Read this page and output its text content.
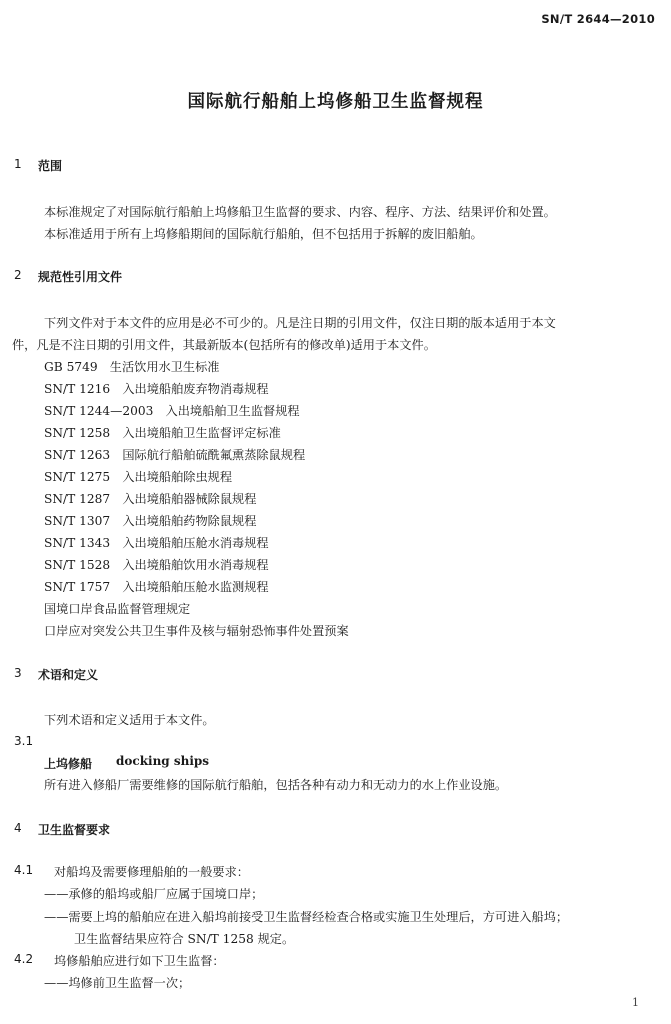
SN/T 2644—2010
国际航行船舶上坞修船卫生监督规程
1 范围
本标准规定了对国际航行船舶上坞修船卫生监督的要求、内容、程序、方法、结果评价和处置。
本标准适用于所有上坞修船期间的国际航行船舶，但不包括用于拆解的废旧船舶。
2 规范性引用文件
下列文件对于本文件的应用是必不可少的。凡是注日期的引用文件，仅注日期的版本适用于本文
件，凡是不注日期的引用文件，其最新版本(包括所有的修改单)适用于本文件。
GB 5749　生活饮用水卫生标准
SN/T 1216　入出境船舶废弃物消毒规程
SN/T 1244—2003　入出境船舶卫生监督规程
SN/T 1258　入出境船舶卫生监督评定标准
SN/T 1263　国际航行船舶硫酰氟熏蒸除鼠规程
SN/T 1275　入出境船舶除虫规程
SN/T 1287　入出境船舶器械除鼠规程
SN/T 1307　入出境船舶药物除鼠规程
SN/T 1343　入出境船舶压舱水消毒规程
SN/T 1528　入出境船舶饮用水消毒规程
SN/T 1757　入出境船舶压舱水监测规程
国境口岸食品监督管理规定
口岸应对突发公共卫生事件及核与辐射恐怖事件处置预案
3 术语和定义
下列术语和定义适用于本文件。
3.1
上坞修船 docking ships
所有进入修船厂需要维修的国际航行船舶，包括各种有动力和无动力的水上作业设施。
4 卫生监督要求
4.1 对船坞及需要修理船舶的一般要求：
——承修的船坞或船厂应属于国境口岸；
——需要上坞的船舶应在进入船坞前接受卫生监督经检查合格或实施卫生处理后，方可进入船坞；
卫生监督结果应符合 SN/T 1258 规定。
4.2 坞修船舶应进行如下卫生监督：
——坞修前卫生监督一次；
1
